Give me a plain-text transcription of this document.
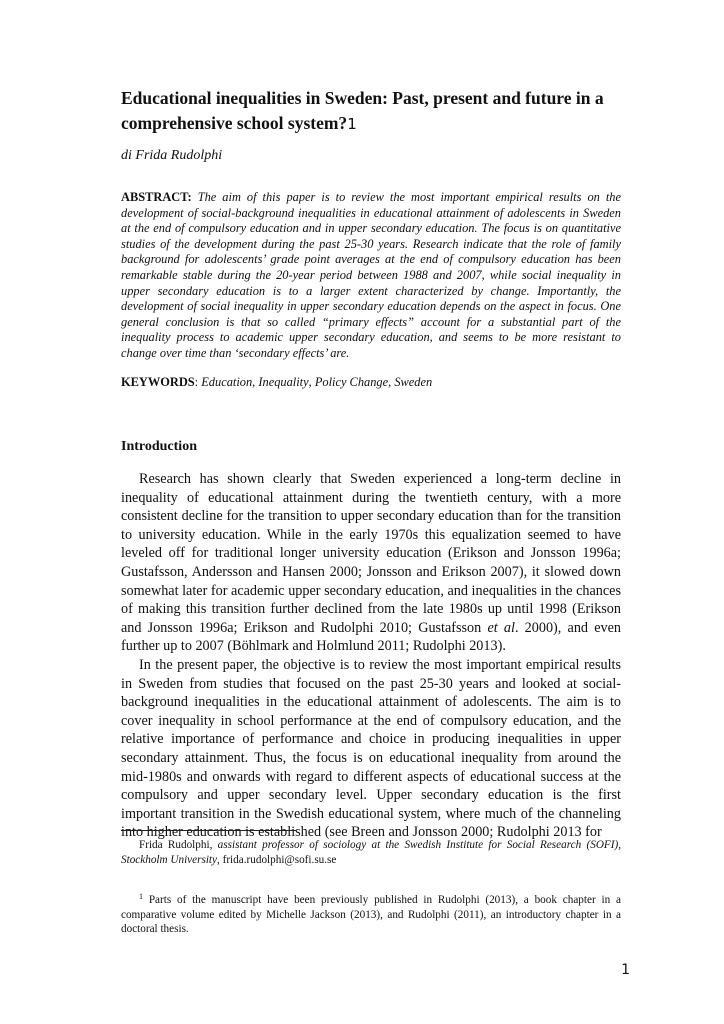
Educational inequalities in Sweden: Past, present and future in a comprehensive school system?1
di Frida Rudolphi
ABSTRACT: The aim of this paper is to review the most important empirical results on the development of social-background inequalities in educational attainment of adolescents in Sweden at the end of compulsory education and in upper secondary education. The focus is on quantitative studies of the development during the past 25-30 years. Research indicate that the role of family background for adolescents’ grade point averages at the end of compulsory education has been remarkable stable during the 20-year period between 1988 and 2007, while social inequality in upper secondary education is to a larger extent characterized by change. Importantly, the development of social inequality in upper secondary education depends on the aspect in focus. One general conclusion is that so called “primary effects” account for a substantial part of the inequality process to academic upper secondary education, and seems to be more resistant to change over time than ‘secondary effects’ are.
KEYWORDS: Education, Inequality, Policy Change, Sweden
Introduction

Research has shown clearly that Sweden experienced a long-term decline in inequality of educational attainment during the twentieth century, with a more consistent decline for the transition to upper secondary education than for the transition to university education. While in the early 1970s this equalization seemed to have leveled off for traditional longer university education (Erikson and Jonsson 1996a; Gustafsson, Andersson and Hansen 2000; Jonsson and Erikson 2007), it slowed down somewhat later for academic upper secondary education, and inequalities in the chances of making this transition further declined from the late 1980s up until 1998 (Erikson and Jonsson 1996a; Erikson and Rudolphi 2010; Gustafsson et al. 2000), and even further up to 2007 (Böhlmark and Holmlund 2011; Rudolphi 2013).

In the present paper, the objective is to review the most important empirical results in Sweden from studies that focused on the past 25-30 years and looked at social-background inequalities in the educational attainment of adolescents. The aim is to cover inequality in school performance at the end of compulsory education, and the relative importance of performance and choice in producing inequalities in upper secondary attainment. Thus, the focus is on educational inequality from around the mid-1980s and onwards with regard to different aspects of educational success at the compulsory and upper secondary level. Upper secondary education is the first important transition in the Swedish educational system, where much of the channeling into higher education is established (see Breen and Jonsson 2000; Rudolphi 2013 for

Frida Rudolphi, assistant professor of sociology at the Swedish Institute for Social Research (SOFI), Stockholm University, frida.rudolphi@sofi.su.se
$^1$ Parts of the manuscript have been previously published in Rudolphi (2013), a book chapter in a comparative volume edited by Michelle Jackson (2013), and Rudolphi (2011), an introductory chapter in a doctoral thesis.
1
